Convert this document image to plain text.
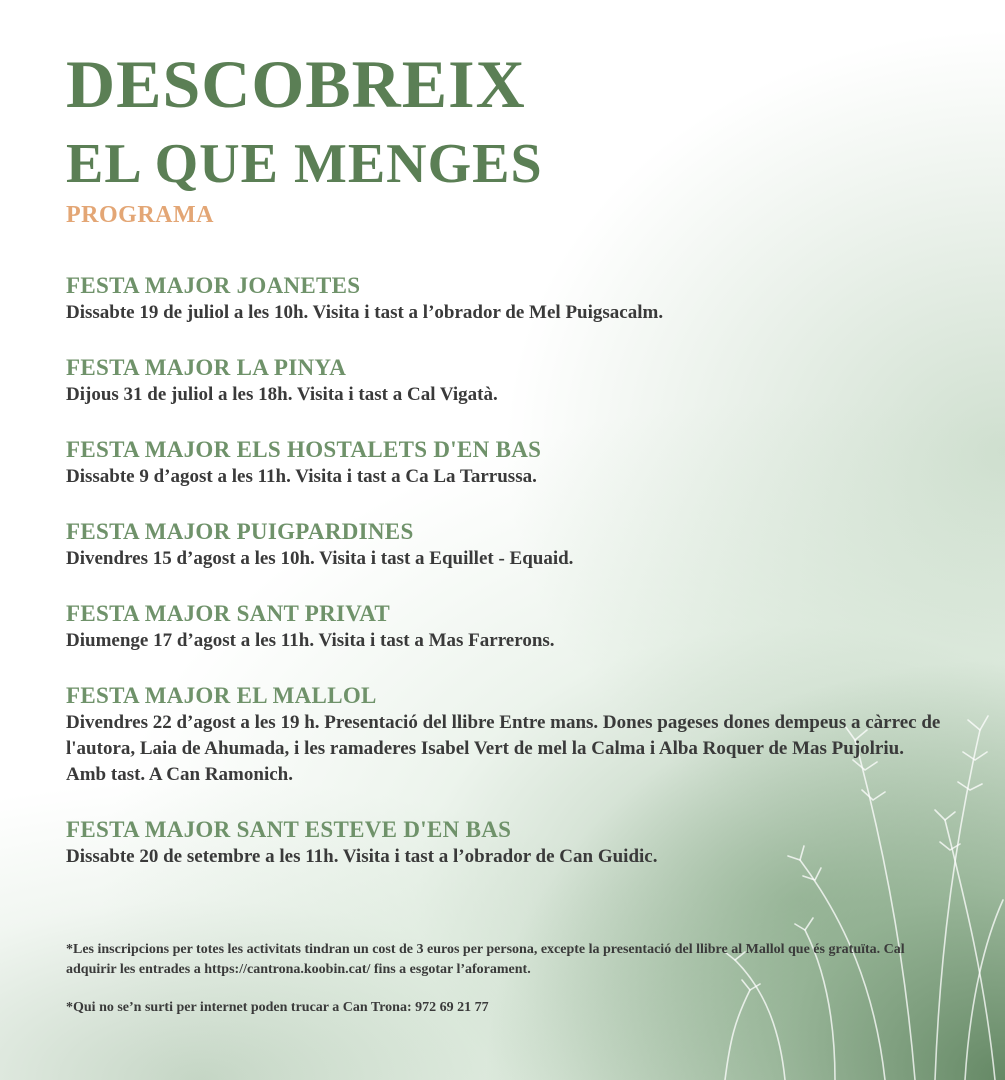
DESCOBREIX
EL QUE MENGES

PROGRAMA

FESTA MAJOR JOANETES

Dissabte 19 de juliol a les 10h. Visita i tast a l’obrador de Mel Puigsacalm.

FESTA MAJOR LA PINYA

Dijous 31 de juliol a les 18h. Visita i tast a Cal Vigatà.

FESTA MAJOR ELS HOSTALETS D'EN BAS

Dissabte 9 d’agost a les 11h. Visita i tast a Ca La Tarrussa.

FESTA MAJOR PUIGPARDINES

Divendres 15 d’agost a les 10h. Visita i tast a Equillet - Equaid.

FESTA MAJOR SANT PRIVAT

Diumenge 17 d’agost a les 11h. Visita i tast a Mas Farrerons.

FESTA MAJOR EL MALLOL

Divendres 22 d’agost a les 19 h. Presentació del llibre Entre mans. Dones pageses dones dempeus a càrrec de l'autora, Laia de Ahumada, i les ramaderes Isabel Vert de mel la Calma i Alba Roquer de Mas Pujolriu. Amb tast. A Can Ramonich.

FESTA MAJOR SANT ESTEVE D'EN BAS

Dissabte 20 de setembre a les 11h. Visita i tast a l’obrador de Can Guidic.

*Les inscripcions per totes les activitats tindran un cost de 3 euros per persona, excepte la presentació del llibre al Mallol que és gratuïta. Cal adquirir les entrades a https://cantrona.koobin.cat/ fins a esgotar l’aforament.

*Qui no se’n surti per internet poden trucar a Can Trona: 972 69 21 77
